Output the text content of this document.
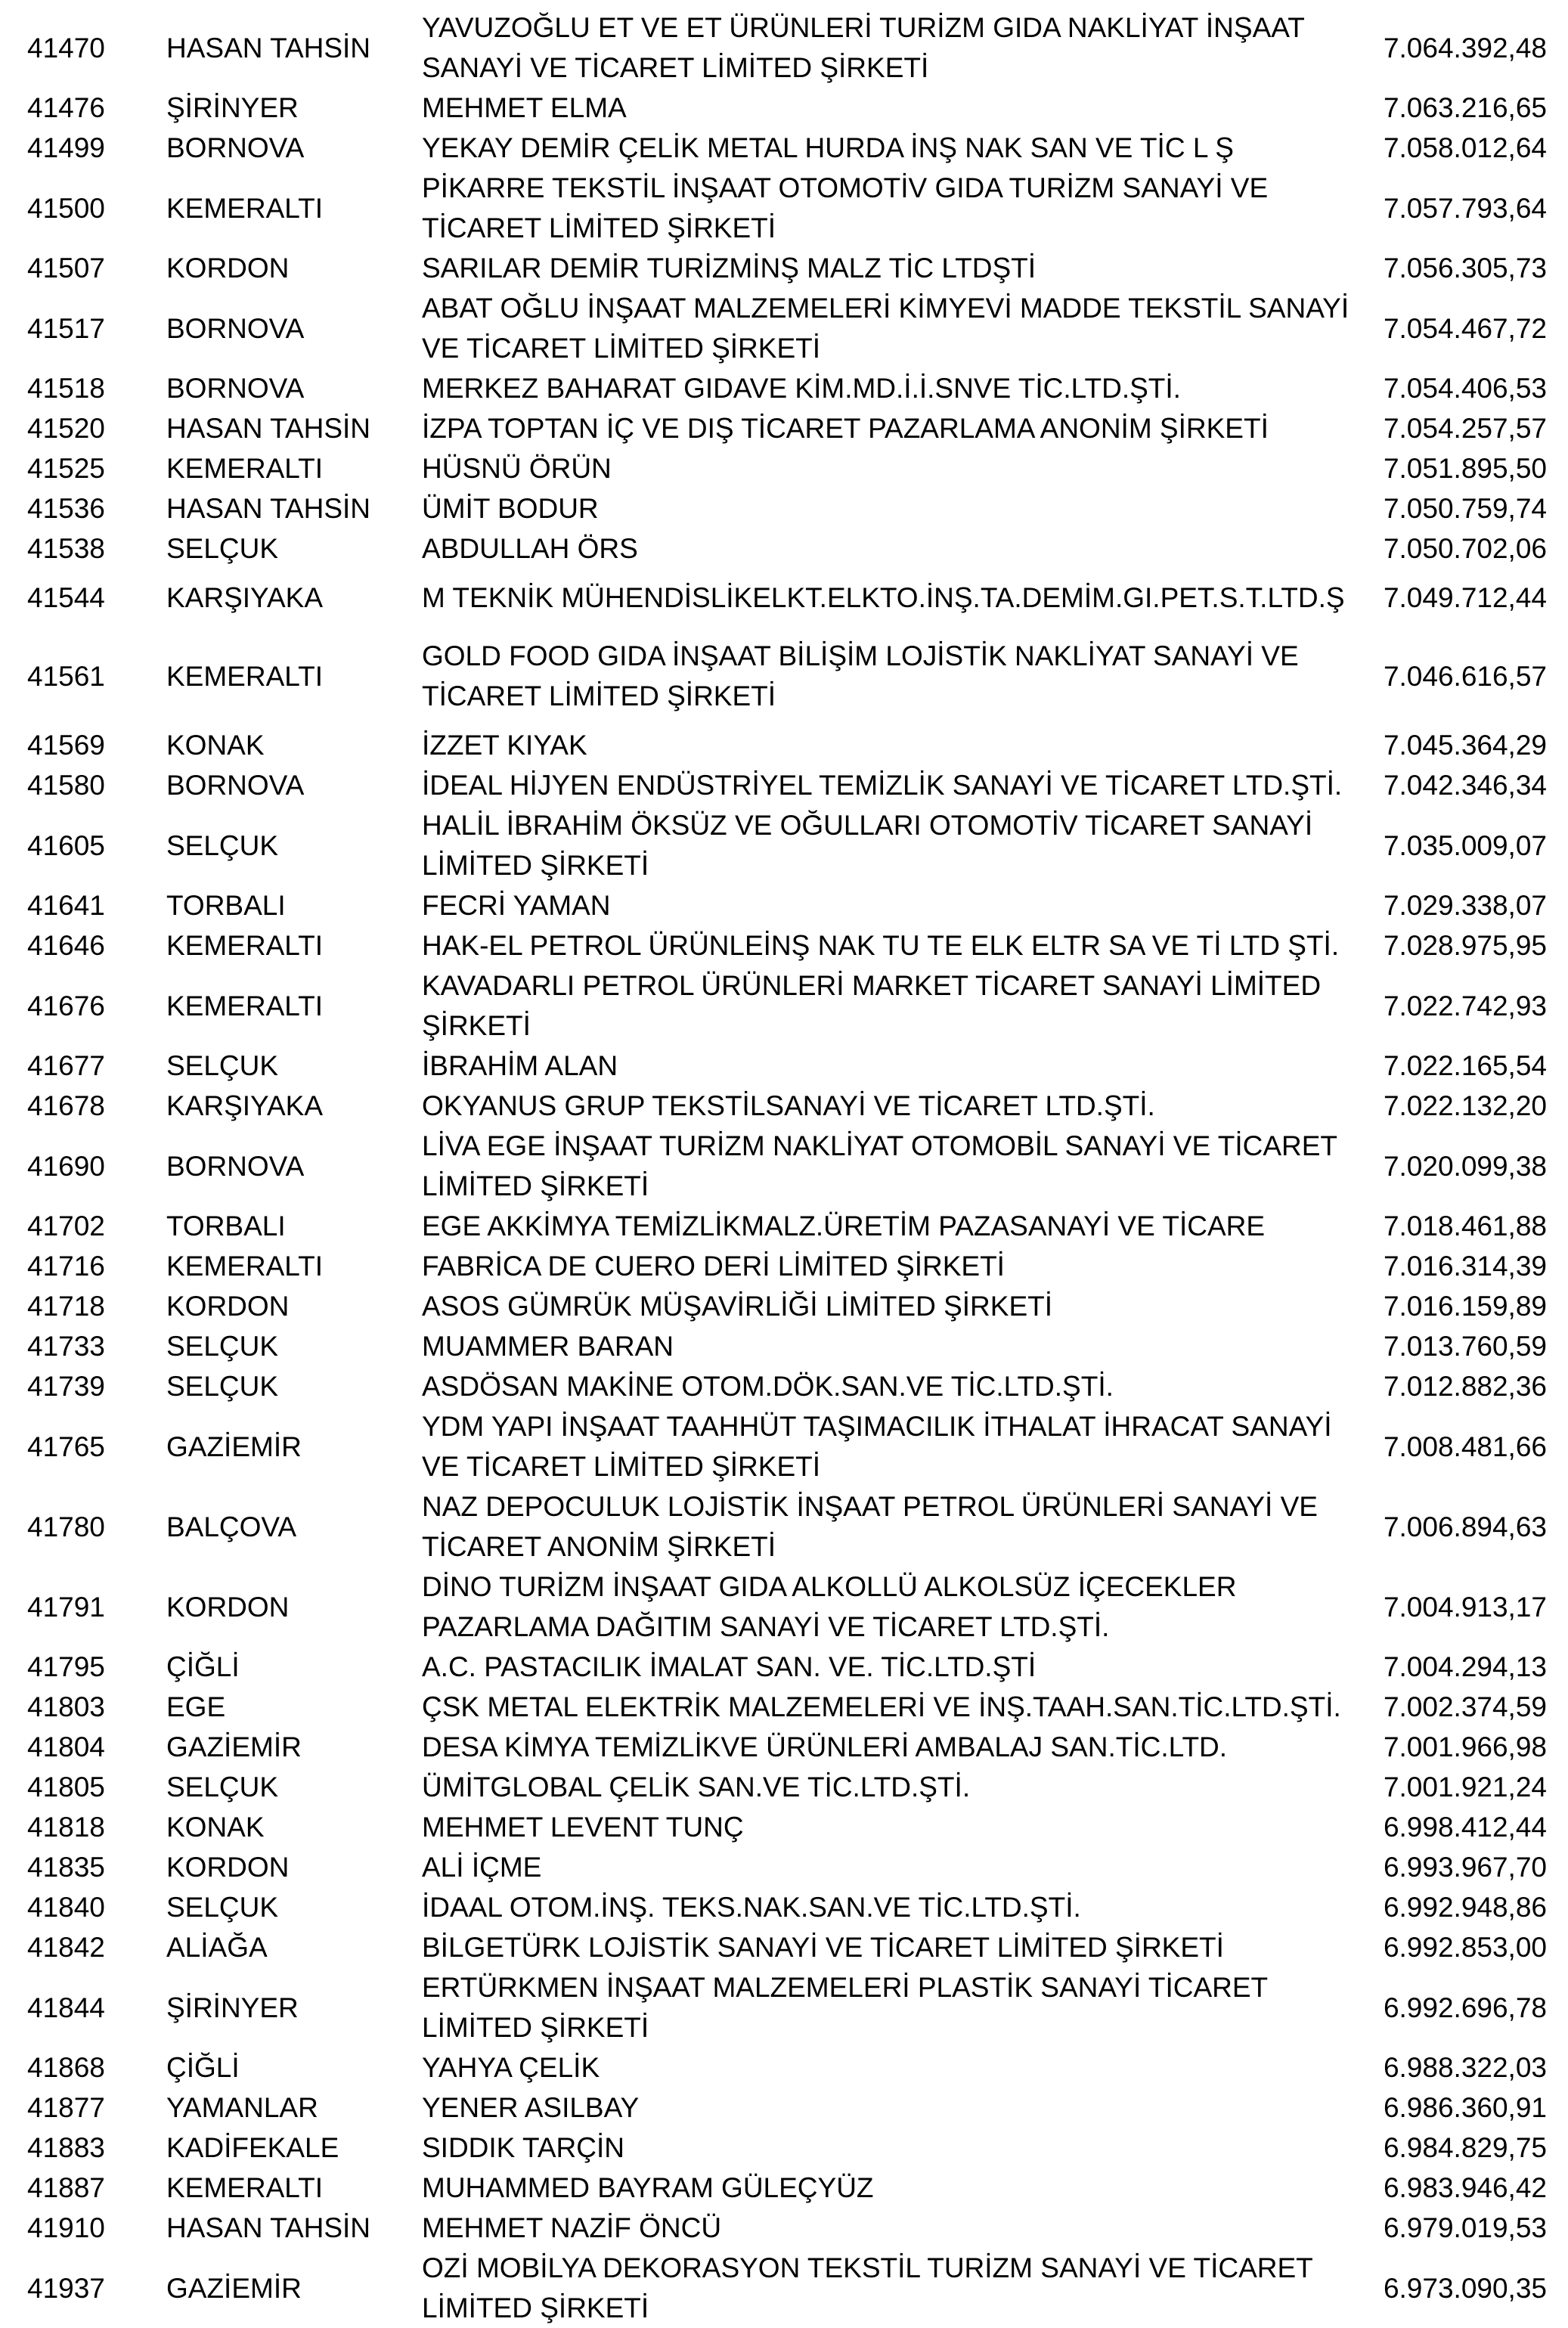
41470	HASAN TAHSİN	YAVUZOĞLU ET VE ET ÜRÜNLERİ TURİZM GIDA NAKLİYAT İNŞAAT SANAYİ VE TİCARET LİMİTED ŞİRKETİ	7.064.392,48
41476	ŞİRİNYER	MEHMET ELMA	7.063.216,65
41499	BORNOVA	YEKAY DEMİR ÇELİK METAL HURDA İNŞ NAK SAN VE TİC L Ş	7.058.012,64
41500	KEMERALTI	PİKARRE TEKSTİL İNŞAAT OTOMOTİV GIDA TURİZM SANAYİ VE TİCARET LİMİTED ŞİRKETİ	7.057.793,64
41507	KORDON	SARILAR DEMİR TURİZMİNŞ MALZ TİC LTDŞTİ	7.056.305,73
41517	BORNOVA	ABAT OĞLU İNŞAAT MALZEMELERİ KİMYEVİ MADDE TEKSTİL SANAYİ VE TİCARET LİMİTED ŞİRKETİ	7.054.467,72
41518	BORNOVA	MERKEZ BAHARAT GIDAVE KİM.MD.İ.İ.SNVE TİC.LTD.ŞTİ.	7.054.406,53
41520	HASAN TAHSİN	İZPA TOPTAN İÇ VE DIŞ TİCARET PAZARLAMA ANONİM ŞİRKETİ	7.054.257,57
41525	KEMERALTI	HÜSNÜ ÖRÜN	7.051.895,50
41536	HASAN TAHSİN	ÜMİT BODUR	7.050.759,74
41538	SELÇUK	ABDULLAH ÖRS	7.050.702,06
41544	KARŞIYAKA	M TEKNİK MÜHENDİSLİKELKT.ELKTO.İNŞ.TA.DEMİM.GI.PET.S.T.LTD.Ş	7.049.712,44
41561	KEMERALTI	GOLD FOOD GIDA İNŞAAT BİLİŞİM LOJİSTİK NAKLİYAT SANAYİ VE TİCARET LİMİTED ŞİRKETİ	7.046.616,57
41569	KONAK	İZZET KIYAK	7.045.364,29
41580	BORNOVA	İDEAL HİJYEN ENDÜSTRİYEL TEMİZLİK SANAYİ VE TİCARET LTD.ŞTİ.	7.042.346,34
41605	SELÇUK	HALİL İBRAHİM ÖKSÜZ VE OĞULLARI OTOMOTİV TİCARET SANAYİ LİMİTED ŞİRKETİ	7.035.009,07
41641	TORBALI	FECRİ YAMAN	7.029.338,07
41646	KEMERALTI	HAK-EL PETROL ÜRÜNLEİNŞ NAK TU TE ELK ELTR SA VE Tİ LTD ŞTİ.	7.028.975,95
41676	KEMERALTI	KAVADARLI PETROL ÜRÜNLERİ MARKET TİCARET SANAYİ LİMİTED ŞİRKETİ	7.022.742,93
41677	SELÇUK	İBRAHİM ALAN	7.022.165,54
41678	KARŞIYAKA	OKYANUS GRUP TEKSTİLSANAYİ VE TİCARET LTD.ŞTİ.	7.022.132,20
41690	BORNOVA	LİVA EGE İNŞAAT TURİZM NAKLİYAT OTOMOBİL SANAYİ VE TİCARET LİMİTED ŞİRKETİ	7.020.099,38
41702	TORBALI	EGE AKKİMYA TEMİZLİKMALZ.ÜRETİM PAZASANAYİ VE TİCARE	7.018.461,88
41716	KEMERALTI	FABRİCA DE CUERO DERİ LİMİTED ŞİRKETİ	7.016.314,39
41718	KORDON	ASOS GÜMRÜK MÜŞAVİRLİĞİ LİMİTED ŞİRKETİ	7.016.159,89
41733	SELÇUK	MUAMMER BARAN	7.013.760,59
41739	SELÇUK	ASDÖSAN MAKİNE OTOM.DÖK.SAN.VE TİC.LTD.ŞTİ.	7.012.882,36
41765	GAZİEMİR	YDM YAPI İNŞAAT TAAHHÜT TAŞIMACILIK İTHALAT İHRACAT SANAYİ VE TİCARET LİMİTED ŞİRKETİ	7.008.481,66
41780	BALÇOVA	NAZ DEPOCULUK LOJİSTİK İNŞAAT PETROL ÜRÜNLERİ SANAYİ VE TİCARET ANONİM ŞİRKETİ	7.006.894,63
41791	KORDON	DİNO TURİZM İNŞAAT GIDA ALKOLLÜ ALKOLSÜZ İÇECEKLER PAZARLAMA DAĞITIM SANAYİ VE TİCARET LTD.ŞTİ.	7.004.913,17
41795	ÇİĞLİ	A.C. PASTACILIK İMALAT SAN. VE. TİC.LTD.ŞTİ	7.004.294,13
41803	EGE	ÇSK METAL ELEKTRİK MALZEMELERİ VE İNŞ.TAAH.SAN.TİC.LTD.ŞTİ.	7.002.374,59
41804	GAZİEMİR	DESA KİMYA TEMİZLİKVE ÜRÜNLERİ AMBALAJ SAN.TİC.LTD.	7.001.966,98
41805	SELÇUK	ÜMİTGLOBAL ÇELİK SAN.VE TİC.LTD.ŞTİ.	7.001.921,24
41818	KONAK	MEHMET LEVENT TUNÇ	6.998.412,44
41835	KORDON	ALİ İÇME	6.993.967,70
41840	SELÇUK	İDAAL OTOM.İNŞ. TEKS.NAK.SAN.VE TİC.LTD.ŞTİ.	6.992.948,86
41842	ALİAĞA	BİLGETÜRK LOJİSTİK SANAYİ VE TİCARET LİMİTED ŞİRKETİ	6.992.853,00
41844	ŞİRİNYER	ERTÜRKMEN İNŞAAT MALZEMELERİ PLASTİK SANAYİ TİCARET LİMİTED ŞİRKETİ	6.992.696,78
41868	ÇİĞLİ	YAHYA ÇELİK	6.988.322,03
41877	YAMANLAR	YENER ASILBAY	6.986.360,91
41883	KADİFEKALE	SIDDIK TARÇİN	6.984.829,75
41887	KEMERALTI	MUHAMMED BAYRAM GÜLEÇYÜZ	6.983.946,42
41910	HASAN TAHSİN	MEHMET NAZİF ÖNCÜ	6.979.019,53
41937	GAZİEMİR	OZİ MOBİLYA DEKORASYON TEKSTİL TURİZM SANAYİ VE TİCARET LİMİTED ŞİRKETİ	6.973.090,35
